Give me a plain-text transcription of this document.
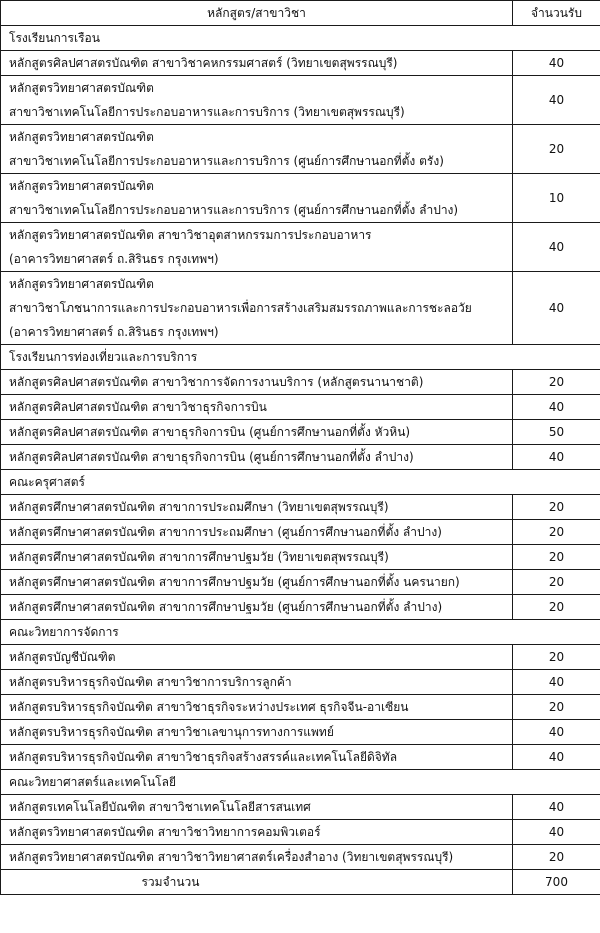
หลักสูตร/สาขาวิชา	จำนวนรับ
โรงเรียนการเรือน	

หลักสูตรศิลปศาสตรบัณฑิต สาขาวิชาคหกรรมศาสตร์ (วิทยาเขตสุพรรณบุรี)	40

หลักสูตรวิทยาศาสตรบัณฑิต
สาขาวิชาเทคโนโลยีการประกอบอาหารและการบริการ (วิทยาเขตสุพรรณบุรี)	40

หลักสูตรวิทยาศาสตรบัณฑิต
สาขาวิชาเทคโนโลยีการประกอบอาหารและการบริการ (ศูนย์การศึกษานอกที่ตั้ง ตรัง)	20

หลักสูตรวิทยาศาสตรบัณฑิต
สาขาวิชาเทคโนโลยีการประกอบอาหารและการบริการ (ศูนย์การศึกษานอกที่ตั้ง ลำปาง)	10

หลักสูตรวิทยาศาสตรบัณฑิต สาขาวิชาอุตสาหกรรมการประกอบอาหาร
(อาคารวิทยาศาสตร์ ถ.สิรินธร กรุงเทพฯ)	40

หลักสูตรวิทยาศาสตรบัณฑิต
สาขาวิชาโภชนาการและการประกอบอาหารเพื่อการสร้างเสริมสมรรถภาพและการชะลอวัย
(อาคารวิทยาศาสตร์ ถ.สิรินธร กรุงเทพฯ)	40
โรงเรียนการท่องเที่ยวและการบริการ	

หลักสูตรศิลปศาสตรบัณฑิต สาขาวิชาการจัดการงานบริการ (หลักสูตรนานาชาติ)	20

หลักสูตรศิลปศาสตรบัณฑิต สาขาวิชาธุรกิจการบิน	40

หลักสูตรศิลปศาสตรบัณฑิต สาขาธุรกิจการบิน (ศูนย์การศึกษานอกที่ตั้ง หัวหิน)	50

หลักสูตรศิลปศาสตรบัณฑิต สาขาธุรกิจการบิน (ศูนย์การศึกษานอกที่ตั้ง ลำปาง)	40
คณะครุศาสตร์	

หลักสูตรศึกษาศาสตรบัณฑิต สาขาการประถมศึกษา (วิทยาเขตสุพรรณบุรี)	20

หลักสูตรศึกษาศาสตรบัณฑิต สาขาการประถมศึกษา (ศูนย์การศึกษานอกที่ตั้ง ลำปาง)	20

หลักสูตรศึกษาศาสตรบัณฑิต สาขาการศึกษาปฐมวัย (วิทยาเขตสุพรรณบุรี)	20

หลักสูตรศึกษาศาสตรบัณฑิต สาขาการศึกษาปฐมวัย (ศูนย์การศึกษานอกที่ตั้ง นครนายก)	20

หลักสูตรศึกษาศาสตรบัณฑิต สาขาการศึกษาปฐมวัย (ศูนย์การศึกษานอกที่ตั้ง ลำปาง)	20
คณะวิทยาการจัดการ	

หลักสูตรบัญชีบัณฑิต	20

หลักสูตรบริหารธุรกิจบัณฑิต สาขาวิชาการบริการลูกค้า	40

หลักสูตรบริหารธุรกิจบัณฑิต สาขาวิชาธุรกิจระหว่างประเทศ ธุรกิจจีน-อาเซียน	20

หลักสูตรบริหารธุรกิจบัณฑิต สาขาวิชาเลขานุการทางการแพทย์	40

หลักสูตรบริหารธุรกิจบัณฑิต สาขาวิชาธุรกิจสร้างสรรค์และเทคโนโลยีดิจิทัล	40
คณะวิทยาศาสตร์และเทคโนโลยี	

หลักสูตรเทคโนโลยีบัณฑิต สาขาวิชาเทคโนโลยีสารสนเทศ	40

หลักสูตรวิทยาศาสตรบัณฑิต สาขาวิชาวิทยาการคอมพิวเตอร์	40

หลักสูตรวิทยาศาสตรบัณฑิต สาขาวิชาวิทยาศาสตร์เครื่องสำอาง (วิทยาเขตสุพรรณบุรี)	20
รวมจำนวน	700
